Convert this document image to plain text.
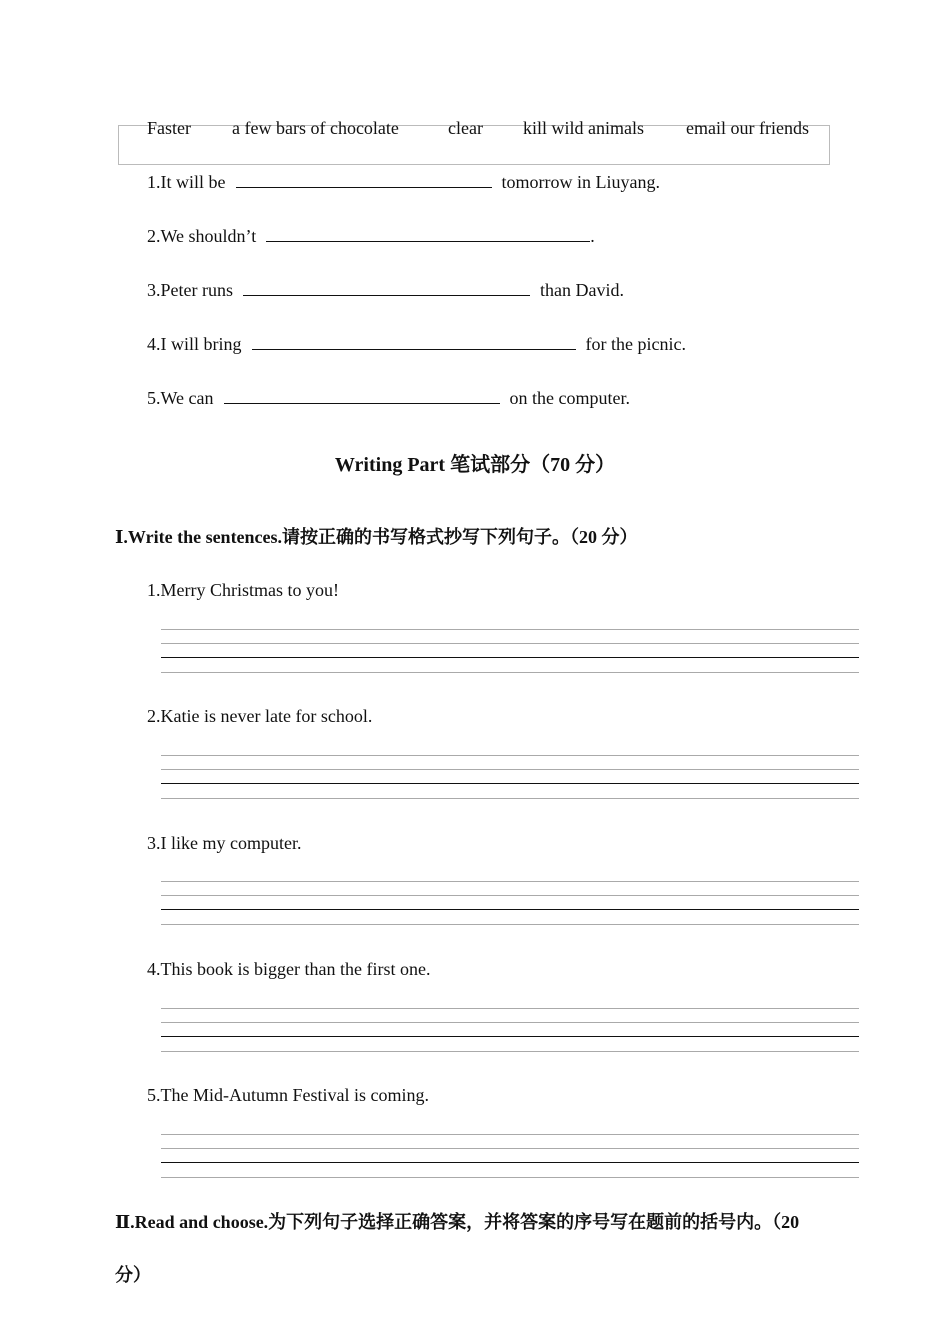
Faster a few bars of chocolate	clear kill wild animals email our friends
1.It will be	tomorrow in Liuyang.
2.We shouldn’t	.
3.Peter runs	than David.
4.I will bring	for the picnic.
5.We can	on the computer.
Writing Part 笔试部分（70 分）
Ⅰ.Write the sentences.请按正确的书写格式抄写下列句子。（20 分）
1.Merry Christmas to you!
2.Katie is never late for school.
3.I like my computer.
4.This book is bigger than the first one.
5.The Mid-Autumn Festival is coming.
Ⅱ.Read and choose.为下列句子选择正确答案，并将答案的序号写在题前的括号内。（20
分）
